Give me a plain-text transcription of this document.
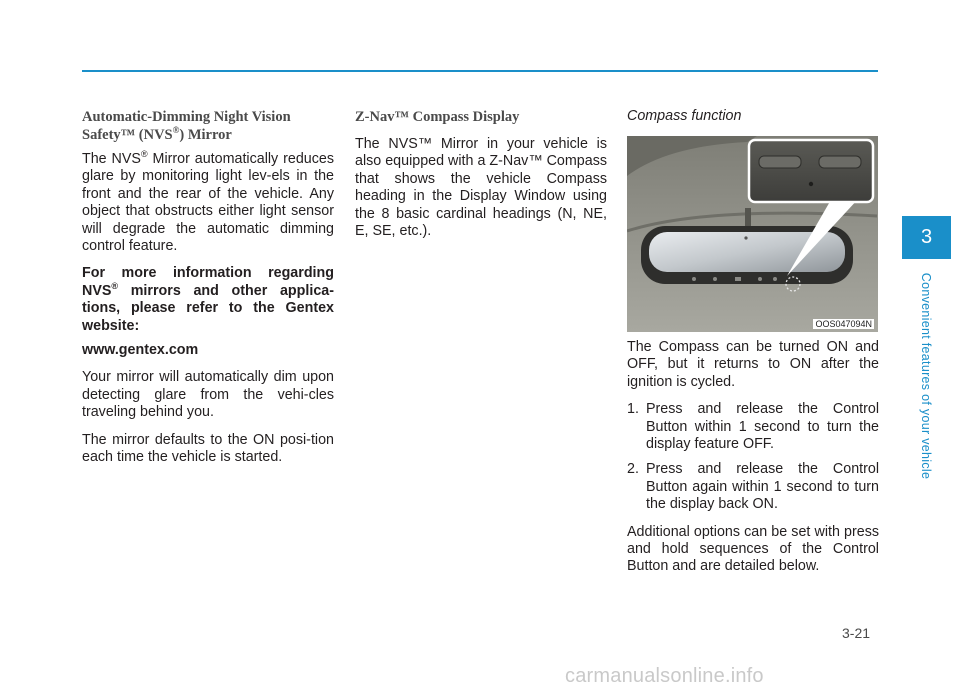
Automatic-Dimming Night Vision Safety™ (NVS®) Mirror

The NVS® Mirror automatically reduces glare by monitoring light lev-els in the front and the rear of the vehicle. Any object that obstructs either light sensor will degrade the automatic dimming control feature.

For more information regarding NVS® mirrors and other applica-tions, please refer to the Gentex website:

www.gentex.com

Your mirror will automatically dim upon detecting glare from the vehi-cles traveling behind you.

The mirror defaults to the ON posi-tion each time the vehicle is started.

Z-Nav™ Compass Display

The NVS™ Mirror in your vehicle is also equipped with a Z-Nav™ Compass that shows the vehicle Compass heading in the Display Window using the 8 basic cardinal headings (N, NE, E, SE, etc.).

Compass function
OOS047094N

The Compass can be turned ON and OFF, but it returns to ON after the ignition is cycled.

1. Press and release the Control Button within 1 second to turn the display feature OFF.
2. Press and release the Control Button again within 1 second to turn the display back ON.

Additional options can be set with press and hold sequences of the Control Button and are detailed below.

3
Convenient features of your vehicle
3-21
carmanualsonline.info
